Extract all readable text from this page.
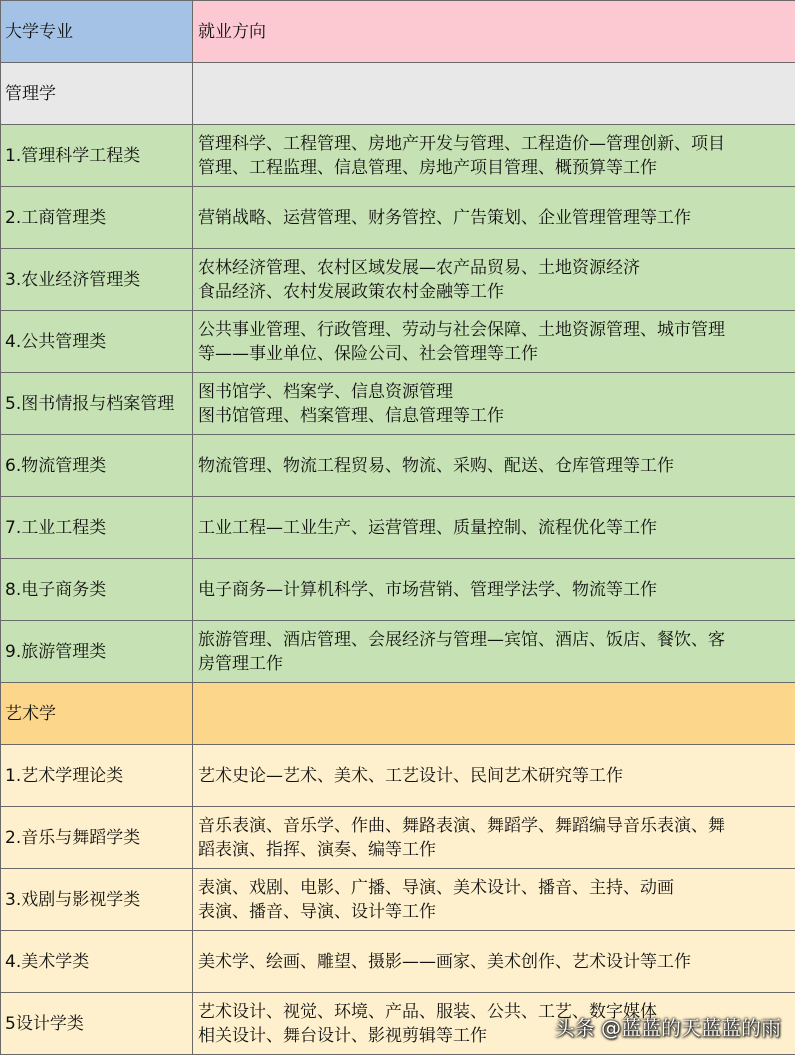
大学专业	就业方向
管理学	
1.管理科学工程类	管理科学、工程管理、房地产开发与管理、工程造价—管理创新、项目
管理、工程监理、信息管理、房地产项目管理、概预算等工作

2.工商管理类	营销战略、运营管理、财务管控、广告策划、企业管理管理等工作

3.农业经济管理类	农林经济管理、农村区域发展—农产品贸易、土地资源经济
食品经济、农村发展政策农村金融等工作

4.公共管理类	公共事业管理、行政管理、劳动与社会保障、土地资源管理、城市管理
等——事业单位、保险公司、社会管理等工作

5.图书情报与档案管理	图书馆学、档案学、信息资源管理
图书馆管理、档案管理、信息管理等工作

6.物流管理类	物流管理、物流工程贸易、物流、采购、配送、仓库管理等工作

7.工业工程类	工业工程—工业生产、运营管理、质量控制、流程优化等工作

8.电子商务类	电子商务—计算机科学、市场营销、管理学法学、物流等工作

9.旅游管理类	旅游管理、酒店管理、会展经济与管理—宾馆、酒店、饭店、餐饮、客
房管理工作

艺术学	
1.艺术学理论类	艺术史论—艺术、美术、工艺设计、民间艺术研究等工作

2.音乐与舞蹈学类	音乐表演、音乐学、作曲、舞路表演、舞蹈学、舞蹈编导音乐表演、舞
蹈表演、指挥、演奏、编等工作

3.戏剧与影视学类	表演、戏剧、电影、广播、导演、美术设计、播音、主持、动画
表演、播音、导演、设计等工作

4.美术学类	美术学、绘画、雕望、摄影——画家、美术创作、艺术设计等工作

5设计学类	艺术设计、视觉、环境、产品、服装、公共、工艺、数字媒体
相关设计、舞台设计、影视剪辑等工作	头条 @蓝蓝的天蓝蓝的雨
